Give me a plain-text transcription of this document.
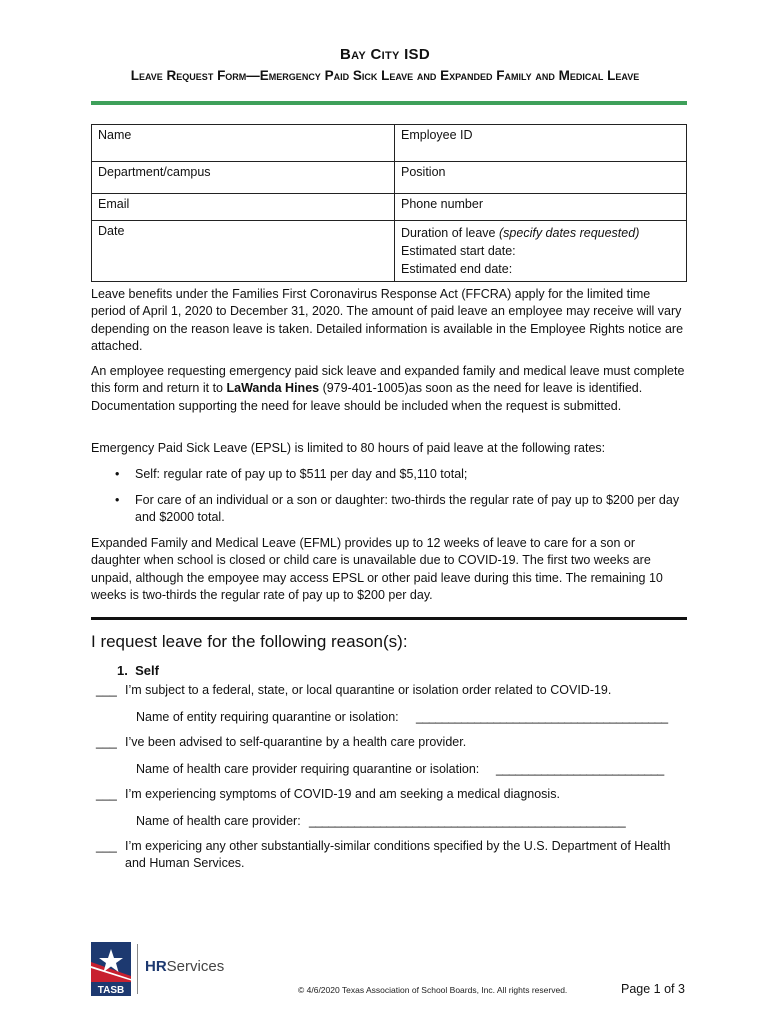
Bay City ISD
Leave Request Form—Emergency Paid Sick Leave and Expanded Family and Medical Leave
Name	Employee ID
Department/campus	Position
Email	Phone number
Date	Duration of leave (specify dates requested)
Estimated start date:
Estimated end date:
Leave benefits under the Families First Coronavirus Response Act (FFCRA) apply for the limited time period of April 1, 2020 to December 31, 2020. The amount of paid leave an employee may receive will vary depending on the reason leave is taken. Detailed information is available in the Employee Rights notice are attached.
An employee requesting emergency paid sick leave and expanded family and medical leave must complete this form and return it to LaWanda Hines (979-401-1005)as soon as the need for leave is identified. Documentation supporting the need for leave should be included when the request is submitted.
Emergency Paid Sick Leave (EPSL) is limited to 80 hours of paid leave at the following rates:
• Self: regular rate of pay up to $511 per day and $5,110 total;
• For care of an individual or a son or daughter: two-thirds the regular rate of pay up to $200 per day and $2000 total.
Expanded Family and Medical Leave (EFML) provides up to 12 weeks of leave to care for a son or daughter when school is closed or child care is unavailable due to COVID-19. The first two weeks are unpaid, although the empoyee may access EPSL or other paid leave during this time. The remaining 10 weeks is two-thirds the regular rate of pay up to $200 per day.
I request leave for the following reason(s):
1. Self
___ I’m subject to a federal, state, or local quarantine or isolation order related to COVID-19.
Name of entity requiring quarantine or isolation: _______________________________________
___ I’ve been advised to self-quarantine by a health care provider.
Name of health care provider requiring quarantine or isolation: __________________________
___ I’m experiencing symptoms of COVID-19 and am seeking a medical diagnosis.
Name of health care provider: _________________________________________________
___ I’m expericing any other substantially-similar conditions specified by the U.S. Department of Health and Human Services.
TASB
HRServices
© 4/6/2020 Texas Association of School Boards, Inc. All rights reserved.	Page 1 of 3
